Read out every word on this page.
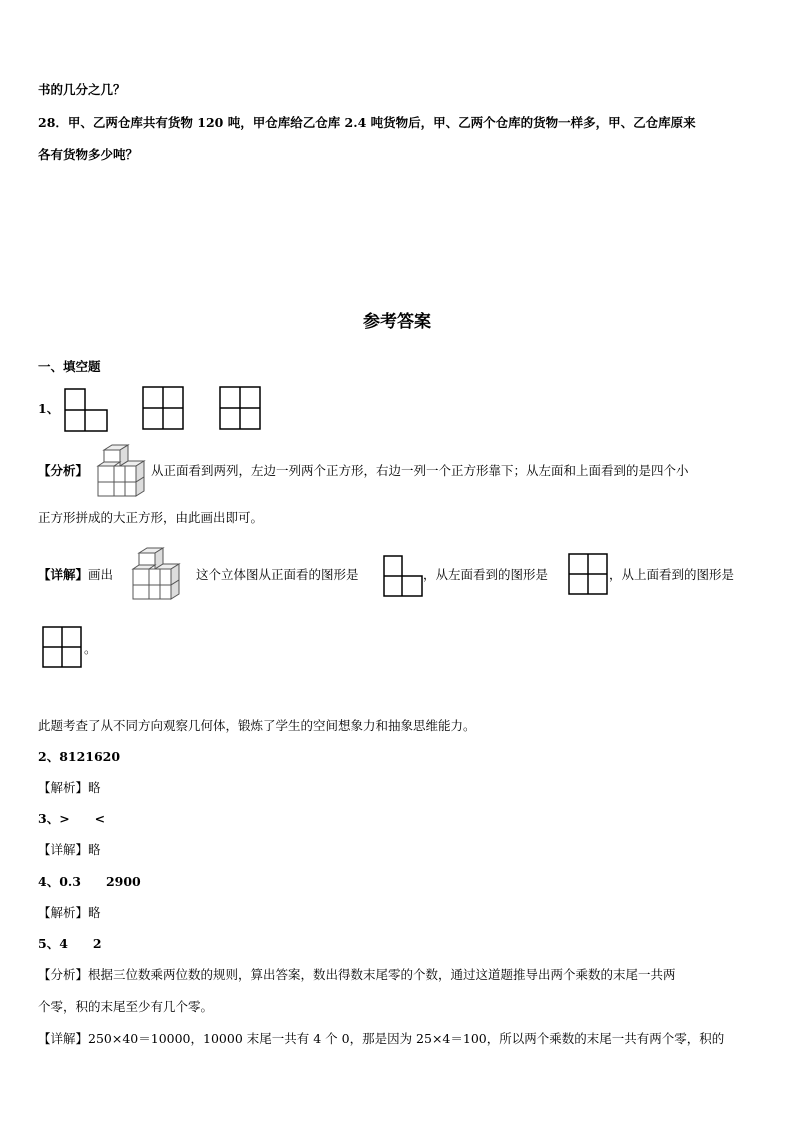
书的几分之几？
28．甲、乙两仓库共有货物 120 吨，甲仓库给乙仓库 2.4 吨货物后，甲、乙两个仓库的货物一样多，甲、乙仓库原来
各有货物多少吨？
参考答案
一、填空题
1、
【分析】	从正面看到两列，左边一列两个正方形，右边一列一个正方形靠下；从左面和上面看到的是四个小
正方形拼成的大正方形，由此画出即可。
【详解】画出	这个立体图从正面看的图形是	，从左面看到的图形是	，从上面看到的图形是
。
此题考查了从不同方向观察几何体，锻炼了学生的空间想象力和抽象思维能力。
2、8121620
【解析】略
3、>　　<
【详解】略
4、0.3　　2900
【解析】略
5、4　　2
【分析】根据三位数乘两位数的规则，算出答案，数出得数末尾零的个数，通过这道题推导出两个乘数的末尾一共两
个零，积的末尾至少有几个零。
【详解】250×40＝10000，10000 末尾一共有 4 个 0，那是因为 25×4＝100，所以两个乘数的末尾一共有两个零，积的
